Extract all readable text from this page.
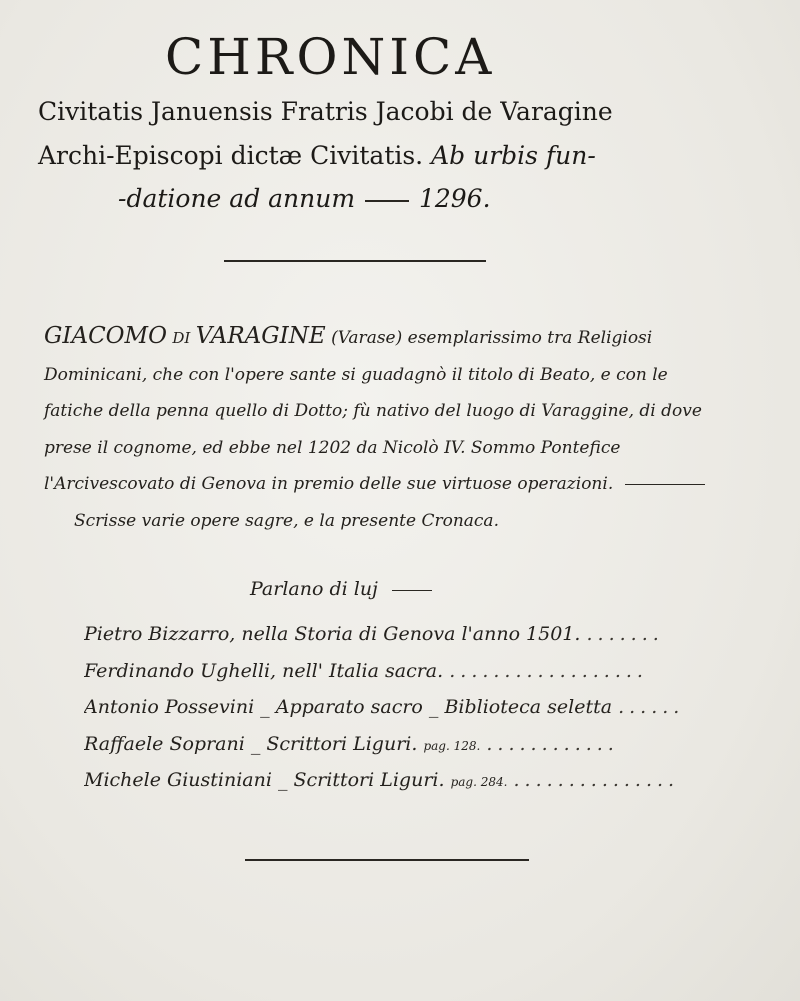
CHRONICA
Civitatis Januensis Fratris Jacobi de Varagine
Archi-Episcopi dictæ Civitatis. Ab urbis fun-
-datione ad annum	1296.

GIACOMO DI VARAGINE (Varase) esemplarissimo tra Religiosi Dominicani, che con l'opere sante si guadagnò il titolo di Beato, e con le fatiche della penna quello di Dotto; fù nativo del luogo di Varaggine, di dove prese il cognome, ed ebbe nel 1202 da Nicolò IV. Sommo Pontefice l'Arcivescovato di Genova in premio delle sue virtuose operazioni.
Scrisse varie opere sagre, e la presente Cronaca.

Parlano di luj
Pietro Bizzarro, nella Storia di Genova l'anno 1501. .......
Ferdinando Ughelli, nell' Italia sacra. ..................
Antonio Possevini _ Apparato sacro _ Biblioteca selettа ......
Raffaele Soprani _ Scrittori Liguri. pag. 128. ............
Michele Giustiniani _ Scrittori Liguri. pag. 284. ...............
